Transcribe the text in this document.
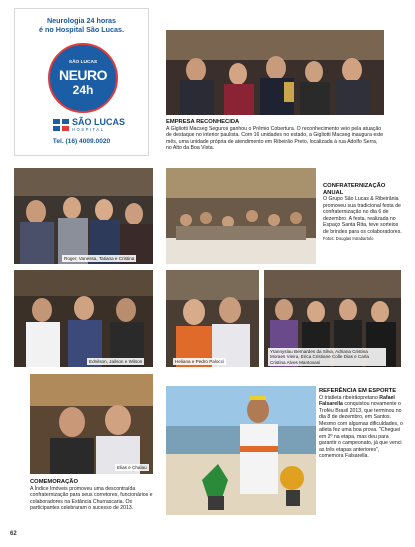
Neurologia 24 horas
é no Hospital São Lucas.
SÃO LUCAS
NEURO
24h
SÃO LUCAS
HOSPITAL
Tel. (16) 4009.0020
EMPRESA RECONHECIDA
A Gigliotti Macseg Seguros ganhou o Prêmio Cobertura. O reconhecimento veio pela atuação de destaque no interior paulista. Com 16 unidades no estado, a Gigliotti Macseg inaugura este mês, uma unidade própria de atendimento em Ribeirão Preto, localizada à rua Adolfo Serra, no Alto da Boa Vista.
Roger, Vanessa, Tatiana e Cristina
CONFRATERNIZAÇÃO ANUAL
O Grupo São Lucas & Ribeirânia promoveu sua tradicional festa de confraternização no dia 6 de dezembro. A festa, realizada no Espaço Santa Rita, teve sorteios de brindes para os colaboradores.
Fotos: Douglas Intrabartolo
Ednilson, Jailson e Wilson	Heliana e Pedro Palocci
Ytannyslau Bernardes da Silva, Adriana Cristina Moraes Vieira, Erica Cristiane Colle Dias e Carla Cristina Alves Mantovani
Elias e Chalau
COMEMORAÇÃO
A Índice Imóveis promoveu uma descontraída confraternização para seus corretores, funcionários e colaboradores na Estância Churrascaria. Os participantes celebraram o sucesso de 2013.
REFERÊNCIA EM ESPORTE
O triatleta ribeirãopretano Rafael Falsarella conquistou novamente o Troféu Brasil 2013, que terminou no dia 8 de dezembro, em Santos. Mesmo com algumas dificuldades, o atleta fez uma boa prova. "Cheguei em 2º na etapa, mas deu para garantir o campeonato, já que venci as três etapas anteriores", comemora Falsarella.
62
